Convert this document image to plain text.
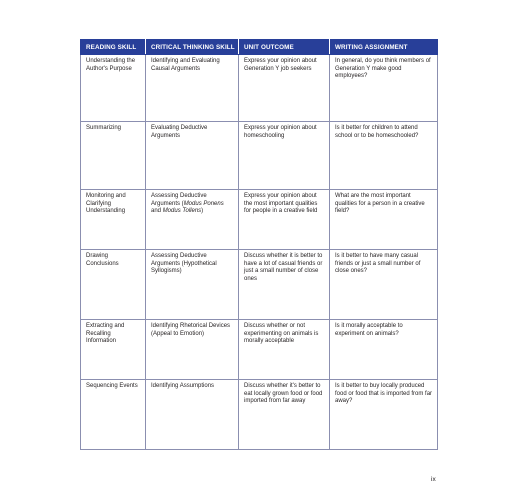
READING SKILL	CRITICAL THINKING SKILL	UNIT OUTCOME	WRITING ASSIGNMENT
Understanding the Author's Purpose	Identifying and Evaluating Causal Arguments	Express your opinion about Generation Y job seekers	In general, do you think members of Generation Y make good employees?
Summarizing	Evaluating Deductive Arguments	Express your opinion about homeschooling	Is it better for children to attend school or to be homeschooled?
Monitoring and Clarifying Understanding	Assessing Deductive Arguments (Modus Ponens and Modus Tollens)	Express your opinion about the most important qualities for people in a creative field	What are the most important qualities for a person in a creative field?
Drawing Conclusions	Assessing Deductive Arguments (Hypothetical Syllogisms)	Discuss whether it is better to have a lot of casual friends or just a small number of close ones	Is it better to have many casual friends or just a small number of close ones?
Extracting and Recalling Information	Identifying Rhetorical Devices (Appeal to Emotion)	Discuss whether or not experimenting on animals is morally acceptable	Is it morally acceptable to experiment on animals?
Sequencing Events	Identifying Assumptions	Discuss whether it's better to eat locally grown food or food imported from far away	Is it better to buy locally produced food or food that is imported from far away?
ix
